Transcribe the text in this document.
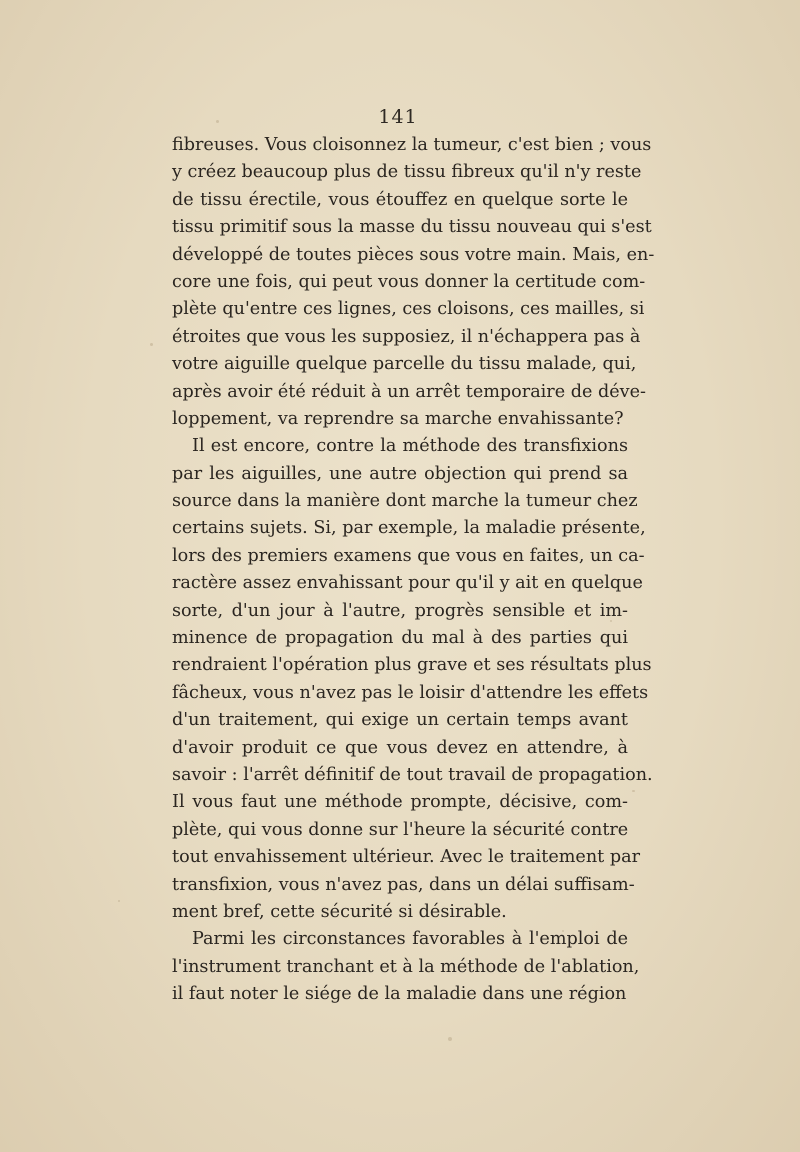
141
fibreuses. Vous cloisonnez la tumeur, c'est bien ; vous
y créez beaucoup plus de tissu fibreux qu'il n'y reste
de tissu érectile, vous étouffez en quelque sorte le
tissu primitif sous la masse du tissu nouveau qui s'est
développé de toutes pièces sous votre main. Mais, en-
core une fois, qui peut vous donner la certitude com-
plète qu'entre ces lignes, ces cloisons, ces mailles, si
étroites que vous les supposiez, il n'échappera pas à
votre aiguille quelque parcelle du tissu malade, qui,
après avoir été réduit à un arrêt temporaire de déve-
loppement, va reprendre sa marche envahissante?
Il est encore, contre la méthode des transfixions
par les aiguilles, une autre objection qui prend sa
source dans la manière dont marche la tumeur chez
certains sujets. Si, par exemple, la maladie présente,
lors des premiers examens que vous en faites, un ca-
ractère assez envahissant pour qu'il y ait en quelque
sorte, d'un jour à l'autre, progrès sensible et im-
minence de propagation du mal à des parties qui
rendraient l'opération plus grave et ses résultats plus
fâcheux, vous n'avez pas le loisir d'attendre les effets
d'un traitement, qui exige un certain temps avant
d'avoir produit ce que vous devez en attendre, à
savoir : l'arrêt définitif de tout travail de propagation.
Il vous faut une méthode prompte, décisive, com-
plète, qui vous donne sur l'heure la sécurité contre
tout envahissement ultérieur. Avec le traitement par
transfixion, vous n'avez pas, dans un délai suffisam-
ment bref, cette sécurité si désirable.
Parmi les circonstances favorables à l'emploi de
l'instrument tranchant et à la méthode de l'ablation,
il faut noter le siége de la maladie dans une région
